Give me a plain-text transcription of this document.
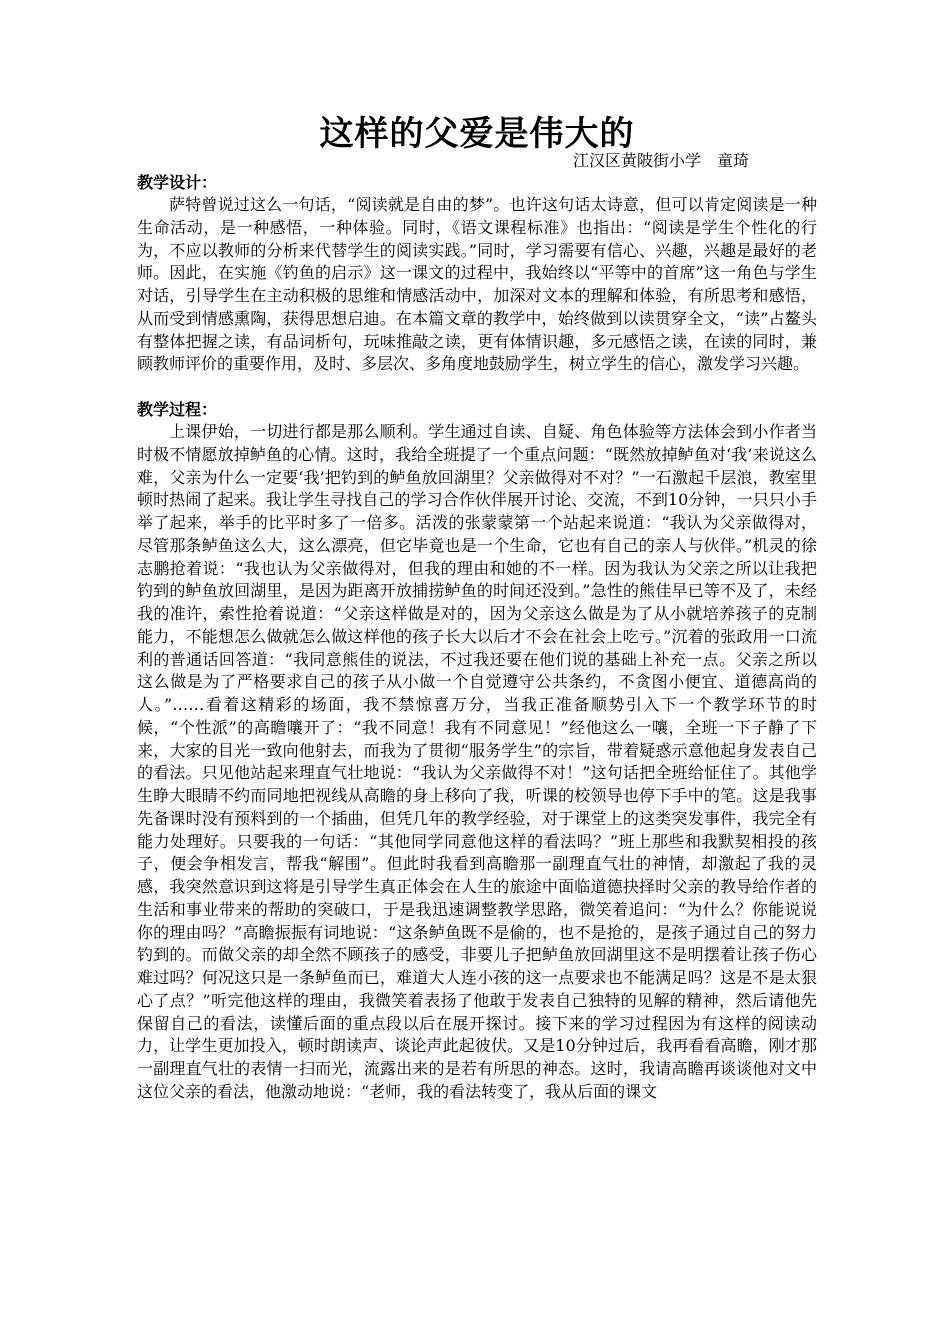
这样的父爱是伟大的
江汉区黄陂街小学　童琦
教学设计：

萨特曾说过这么一句话，“阅读就是自由的梦”。也许这句话太诗意，但可以肯定阅读是一种生命活动，是一种感悟，一种体验。同时，《语文课程标准》也指出：“阅读是学生个性化的行为，不应以教师的分析来代替学生的阅读实践。”同时，学习需要有信心、兴趣，兴趣是最好的老师。因此，在实施《钓鱼的启示》这一课文的过程中，我始终以“平等中的首席”这一角色与学生对话，引导学生在主动积极的思维和情感活动中，加深对文本的理解和体验，有所思考和感悟，从而受到情感熏陶，获得思想启迪。在本篇文章的教学中，始终做到以读贯穿全文，“读”占鳌头有整体把握之读，有品词析句，玩味推敲之读，更有体情识趣，多元感悟之读，在读的同时，兼顾教师评价的重要作用，及时、多层次、多角度地鼓励学生，树立学生的信心，激发学习兴趣。

教学过程：

上课伊始，一切进行都是那么顺利。学生通过自读、自疑、角色体验等方法体会到小作者当时极不情愿放掉鲈鱼的心情。这时，我给全班提了一个重点问题：“既然放掉鲈鱼对‘我’来说这么难，父亲为什么一定要‘我’把钓到的鲈鱼放回湖里？父亲做得对不对？”一石激起千层浪，教室里顿时热闹了起来。我让学生寻找自己的学习合作伙伴展开讨论、交流，不到10分钟，一只只小手举了起来，举手的比平时多了一倍多。活泼的张蒙蒙第一个站起来说道：“我认为父亲做得对，尽管那条鲈鱼这么大，这么漂亮，但它毕竟也是一个生命，它也有自己的亲人与伙伴。”机灵的徐志鹏抢着说：“我也认为父亲做得对，但我的理由和她的不一样。因为我认为父亲之所以让我把钓到的鲈鱼放回湖里，是因为距离开放捕捞鲈鱼的时间还没到。”急性的熊佳早已等不及了，未经我的准许，索性抢着说道：“父亲这样做是对的，因为父亲这么做是为了从小就培养孩子的克制能力，不能想怎么做就怎么做这样他的孩子长大以后才不会在社会上吃亏。”沉着的张政用一口流利的普通话回答道：“我同意熊佳的说法，不过我还要在他们说的基础上补充一点。父亲之所以这么做是为了严格要求自己的孩子从小做一个自觉遵守公共条约，不贪图小便宜、道德高尚的人。”……看着这精彩的场面，我不禁惊喜万分，当我正准备顺势引入下一个教学环节的时候，“个性派”的高瞻嚷开了：“我不同意！我有不同意见！”经他这么一嚷，全班一下子静了下来，大家的目光一致向他射去，而我为了贯彻“服务学生”的宗旨，带着疑惑示意他起身发表自己的看法。只见他站起来理直气壮地说：“我认为父亲做得不对！”这句话把全班给怔住了。其他学生睁大眼睛不约而同地把视线从高瞻的身上移向了我，听课的校领导也停下手中的笔。这是我事先备课时没有预料到的一个插曲，但凭几年的教学经验，对于课堂上的这类突发事件，我完全有能力处理好。只要我的一句话：“其他同学同意他这样的看法吗？”班上那些和我默契相投的孩子，便会争相发言，帮我“解围”。但此时我看到高瞻那一副理直气壮的神情，却激起了我的灵感，我突然意识到这将是引导学生真正体会在人生的旅途中面临道德抉择时父亲的教导给作者的生活和事业带来的帮助的突破口，于是我迅速调整教学思路，微笑着追问：“为什么？你能说说你的理由吗？”高瞻振振有词地说：“这条鲈鱼既不是偷的，也不是抢的，是孩子通过自己的努力钓到的。而做父亲的却全然不顾孩子的感受，非要儿子把鲈鱼放回湖里这不是明摆着让孩子伤心难过吗？何况这只是一条鲈鱼而已，难道大人连小孩的这一点要求也不能满足吗？这是不是太狠心了点？”听完他这样的理由，我微笑着表扬了他敢于发表自己独特的见解的精神，然后请他先保留自己的看法，读懂后面的重点段以后在展开探讨。接下来的学习过程因为有这样的阅读动力，让学生更加投入，顿时朗读声、谈论声此起彼伏。又是10分钟过后，我再看看高瞻，刚才那一副理直气壮的表情一扫而光，流露出来的是若有所思的神态。这时，我请高瞻再谈谈他对文中这位父亲的看法，他激动地说：“老师，我的看法转变了，我从后面的课文
